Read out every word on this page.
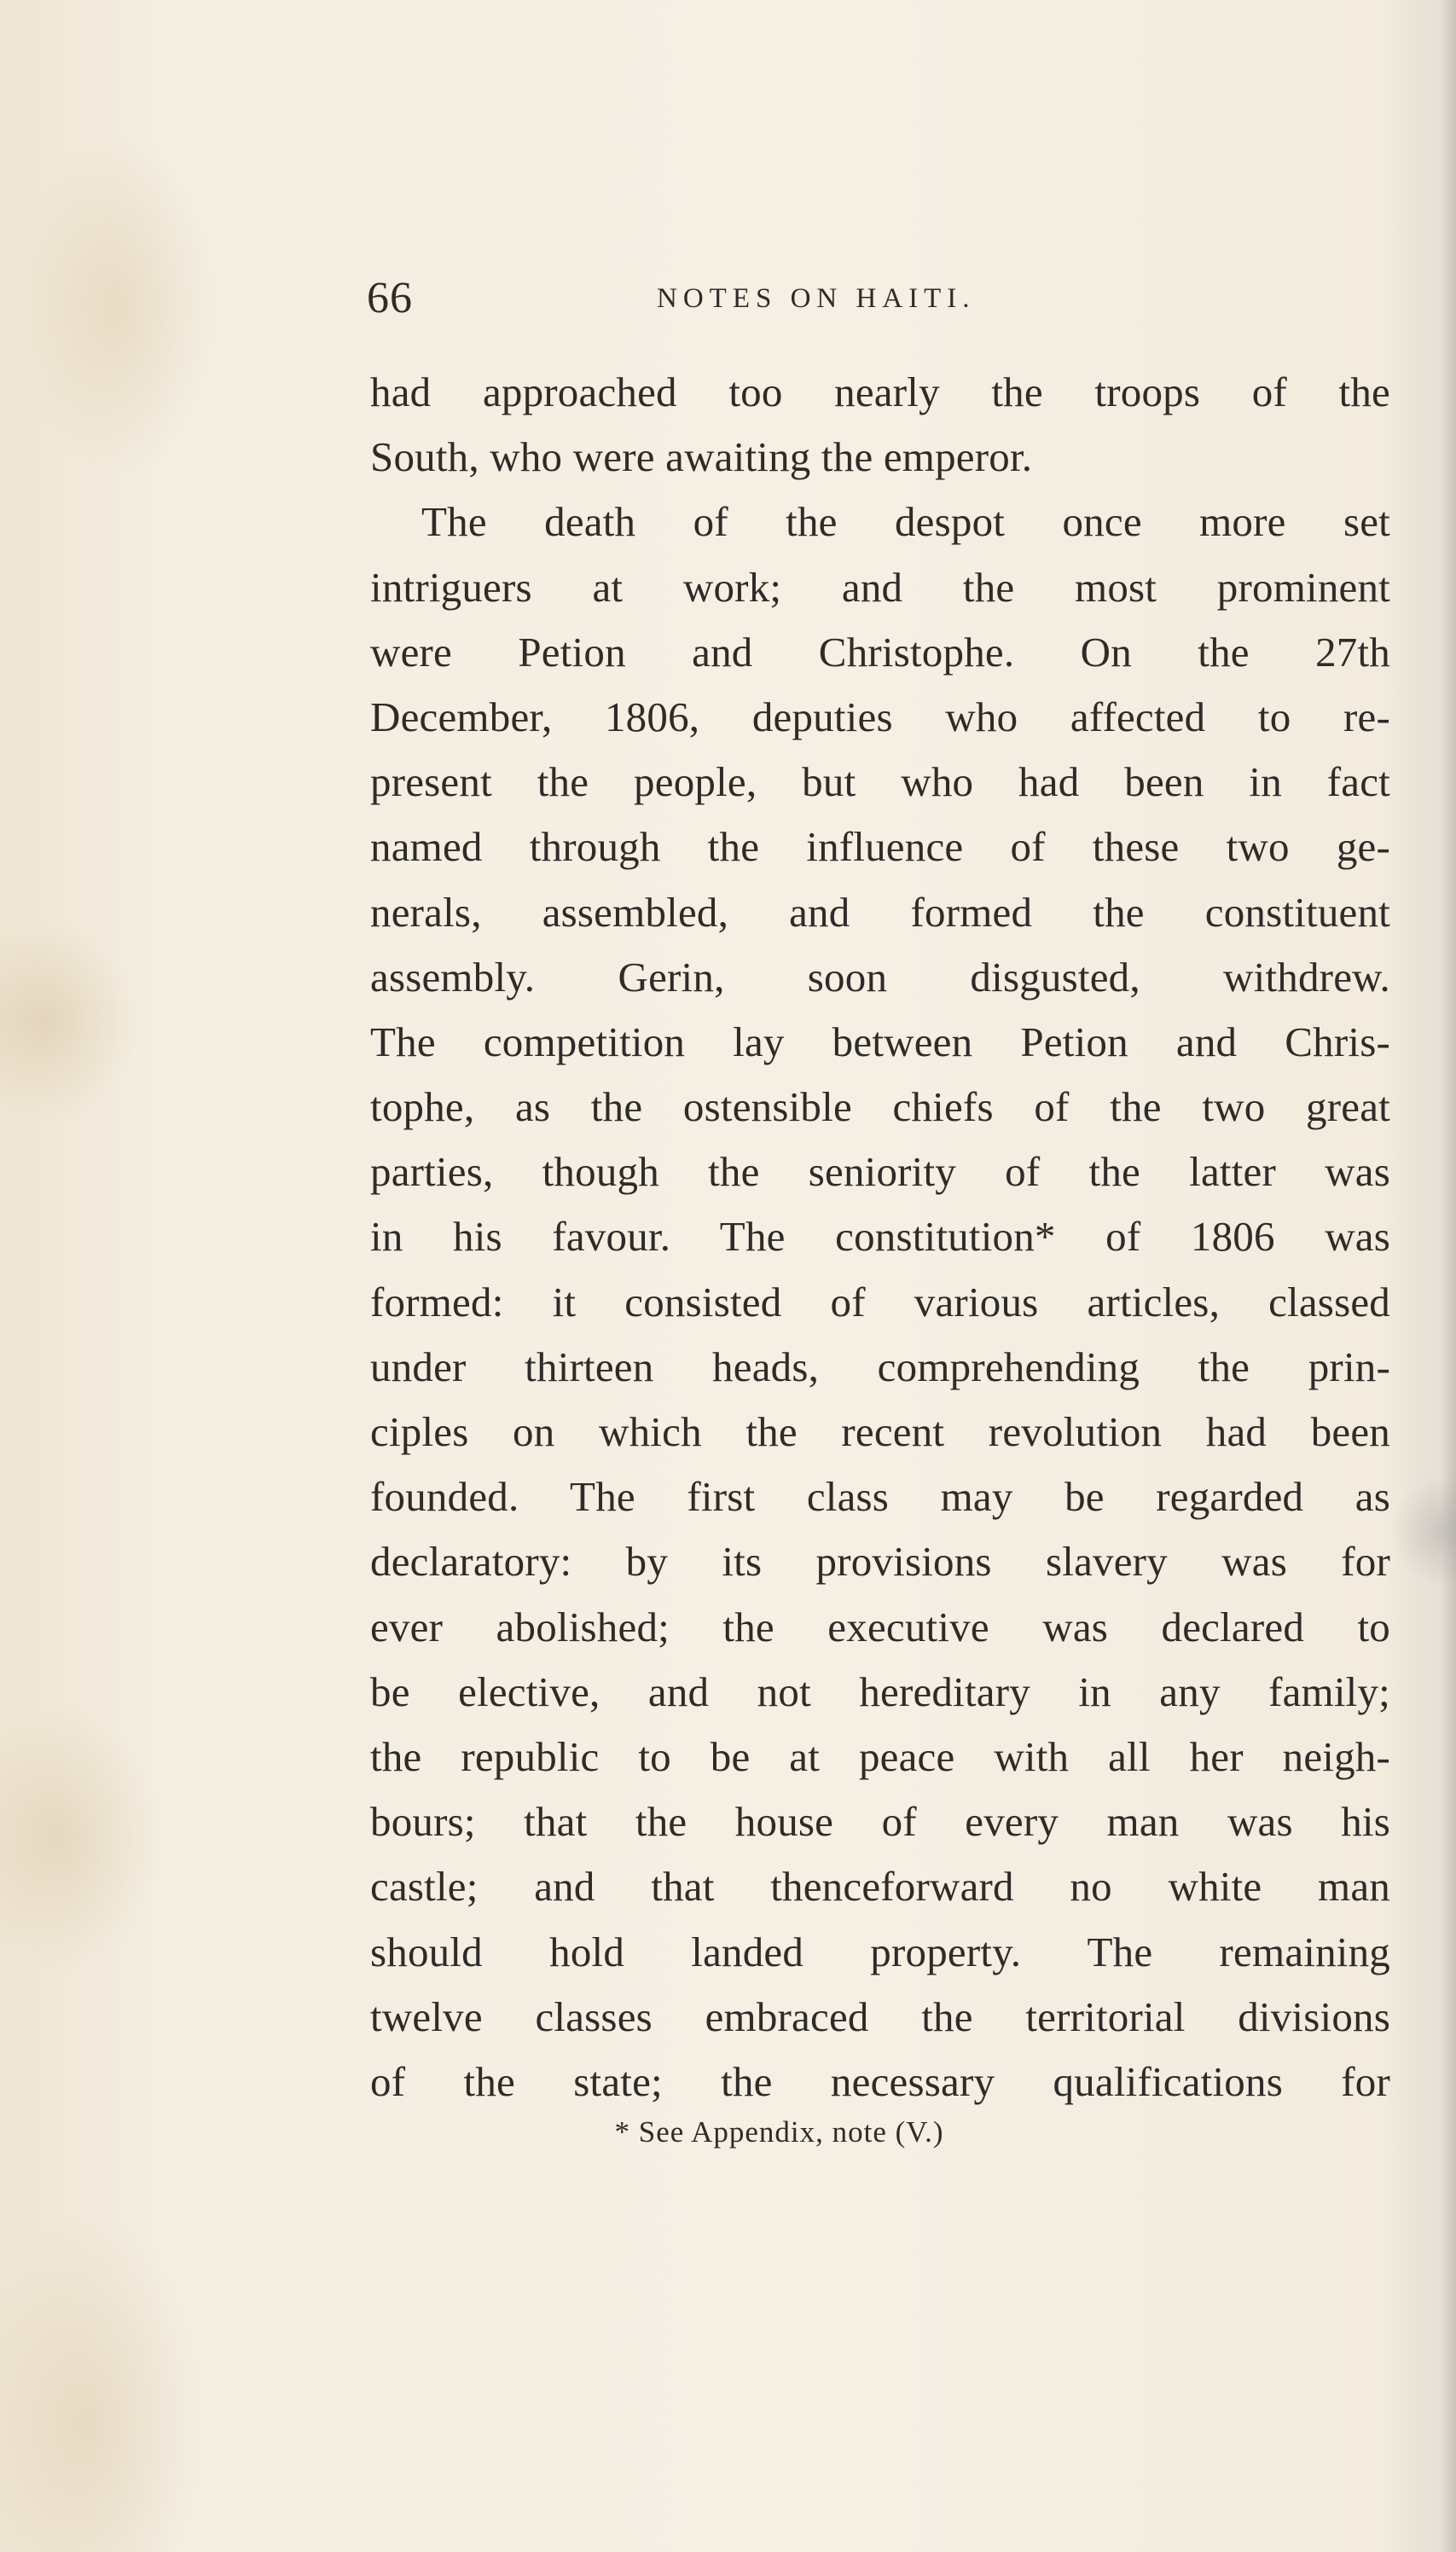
66	NOTES ON HAITI.
had approached too nearly the troops of the
South, who were awaiting the emperor.
The death of the despot once more set
intriguers at work; and the most prominent
were Petion and Christophe. On the 27th
December, 1806, deputies who affected to re-
present the people, but who had been in fact
named through the influence of these two ge-
nerals, assembled, and formed the constituent
assembly. Gerin, soon disgusted, withdrew.
The competition lay between Petion and Chris-
tophe, as the ostensible chiefs of the two great
parties, though the seniority of the latter was
in his favour. The constitution* of 1806 was
formed: it consisted of various articles, classed
under thirteen heads, comprehending the prin-
ciples on which the recent revolution had been
founded. The first class may be regarded as
declaratory: by its provisions slavery was for
ever abolished; the executive was declared to
be elective, and not hereditary in any family;
the republic to be at peace with all her neigh-
bours; that the house of every man was his
castle; and that thenceforward no white man
should hold landed property. The remaining
twelve classes embraced the territorial divisions
of the state; the necessary qualifications for
* See Appendix, note (V.)
